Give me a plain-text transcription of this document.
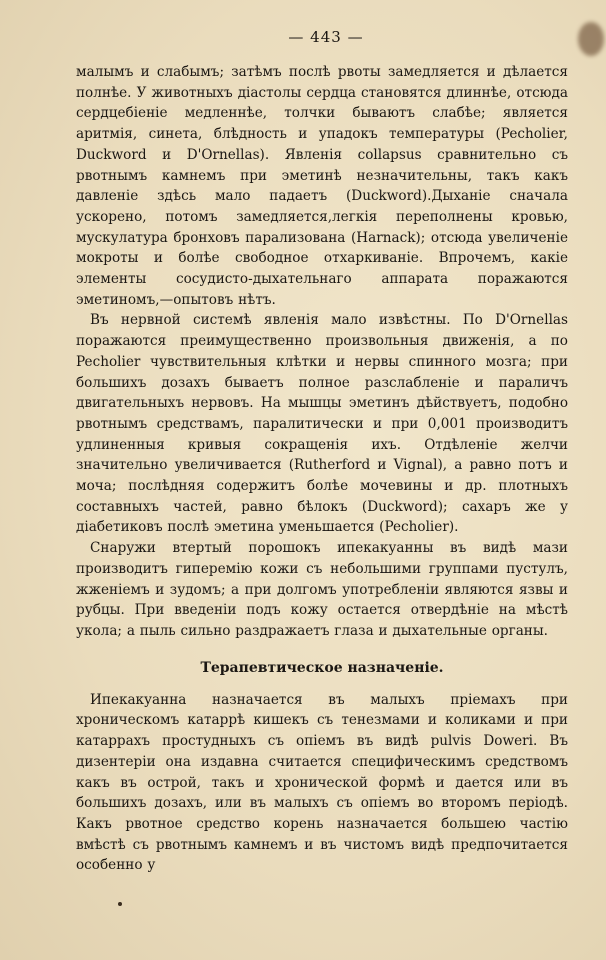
— 443 —

малымъ и слабымъ; затѣмъ послѣ рвоты замедляется и дѣлается полнѣе. У животныхъ діастолы сердца становятся длиннѣе, отсюда сердцебіеніе медленнѣе, толчки бываютъ слабѣе; является аритмія, синета, блѣдность и упадокъ температуры (Pecholier, Duckword и D'Ornellas). Явленія collapsus сравнительно съ рвотнымъ камнемъ при эметинѣ незначительны, такъ какъ давленіе здѣсь мало падаетъ (Duckword).Дыханіе сначала ускорено, потомъ замедляется,легкія переполнены кровью, мускулатура бронховъ парализована (Harnack); отсюда увеличеніе мокроты и болѣе свободное отхаркиваніе. Впрочемъ, какіе элементы сосудисто-дыхательнаго аппарата поражаются эметиномъ,—опытовъ нѣтъ.

Въ нервной системѣ явленія мало извѣстны. По D'Ornellas поражаются преимущественно произвольныя движенія, а по Pecholier чувствительныя клѣтки и нервы спинного мозга; при большихъ дозахъ бываетъ полное разслабленіе и параличъ двигательныхъ нервовъ. На мышцы эметинъ дѣйствуетъ, подобно рвотнымъ средствамъ, паралитически и при 0,001 производитъ удлиненныя кривыя сокращенія ихъ. Отдѣленіе желчи значительно увеличивается (Rutherford и Vignal), а равно потъ и моча; послѣдняя содержитъ болѣе мочевины и др. плотныхъ составныхъ частей, равно бѣлокъ (Duckword); сахаръ же у діабетиковъ послѣ эметина уменьшается (Pecholier).

Снаружи втертый порошокъ ипекакуанны въ видѣ мази производитъ гиперемію кожи съ небольшими группами пустулъ, жженіемъ и зудомъ; а при долгомъ употребленіи являются язвы и рубцы. При введеніи подъ кожу остается отвердѣніе на мѣстѣ укола; а пыль сильно раздражаетъ глаза и дыхательные органы.

Терапевтическое назначеніе.

Ипекакуанна назначается въ малыхъ пріемахъ при хроническомъ катаррѣ кишекъ съ тенезмами и коликами и при катаррахъ простудныхъ съ опіемъ въ видѣ pulvis Doweri. Въ дизентеріи она издавна считается специфическимъ средствомъ какъ въ острой, такъ и хронической формѣ и дается или въ большихъ дозахъ, или въ малыхъ съ опіемъ во второмъ періодѣ. Какъ рвотное средство корень назначается большею частію вмѣстѣ съ рвотнымъ камнемъ и въ чистомъ видѣ предпочитается особенно у
